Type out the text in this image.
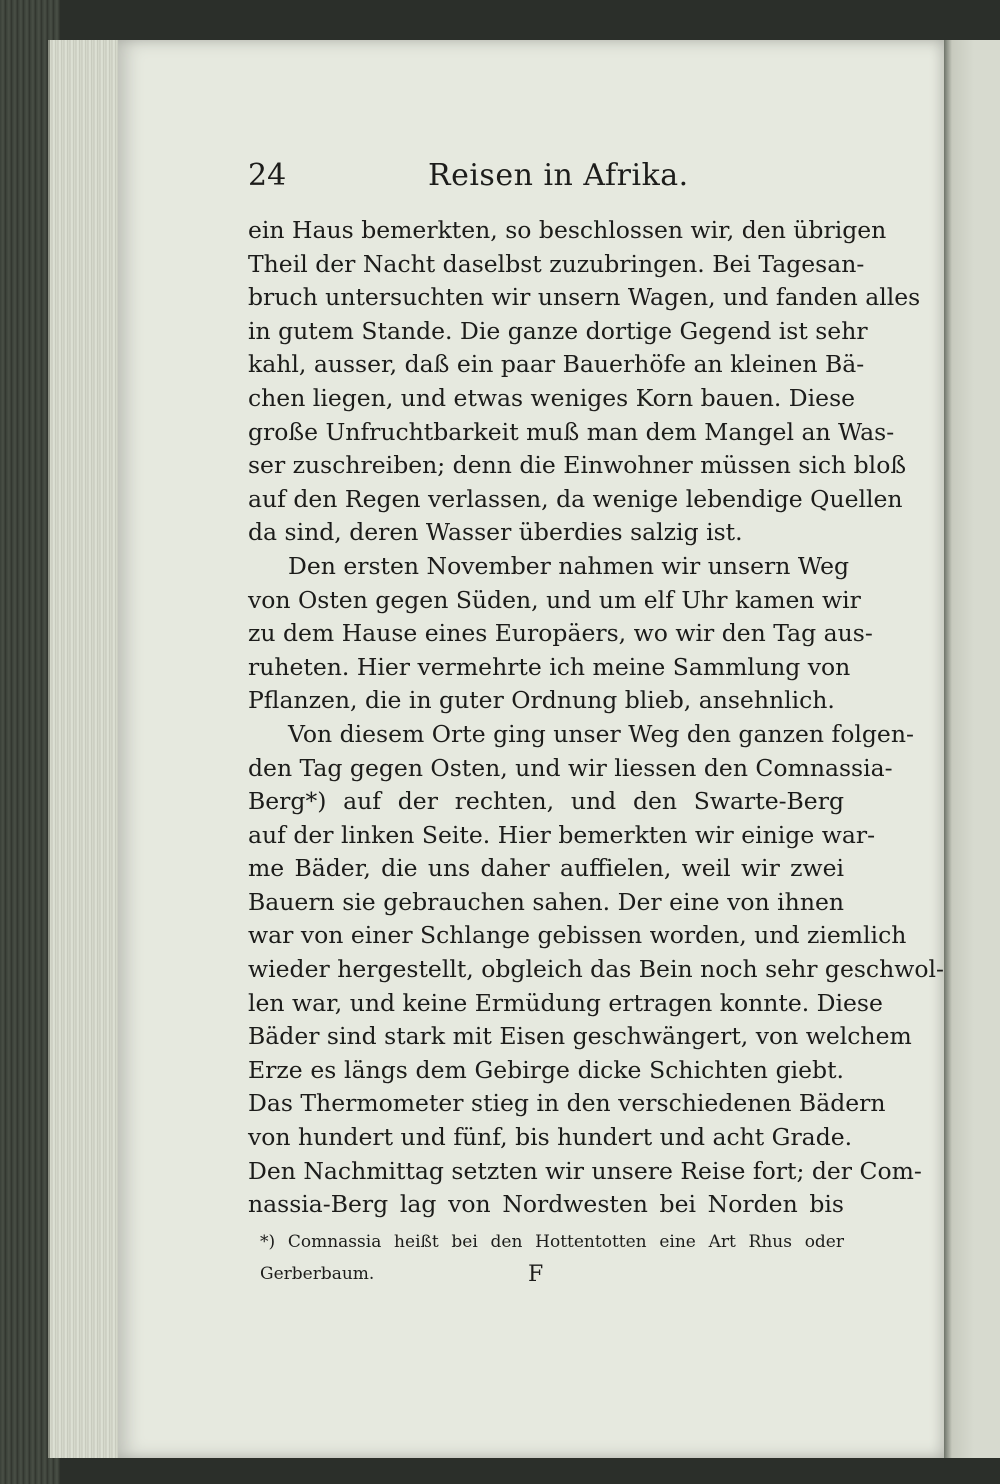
24	Reisen in Afrika.
ein Haus bemerkten, so beschlossen wir, den übrigen
Theil der Nacht daselbst zuzubringen. Bei Tagesan-
bruch untersuchten wir unsern Wagen, und fanden alles
in gutem Stande. Die ganze dortige Gegend ist sehr
kahl, ausser, daß ein paar Bauerhöfe an kleinen Bä-
chen liegen, und etwas weniges Korn bauen. Diese
große Unfruchtbarkeit muß man dem Mangel an Was-
ser zuschreiben; denn die Einwohner müssen sich bloß
auf den Regen verlassen, da wenige lebendige Quellen
da sind, deren Wasser überdies salzig ist.
Den ersten November nahmen wir unsern Weg
von Osten gegen Süden, und um elf Uhr kamen wir
zu dem Hause eines Europäers, wo wir den Tag aus-
ruheten. Hier vermehrte ich meine Sammlung von
Pflanzen, die in guter Ordnung blieb, ansehnlich.
Von diesem Orte ging unser Weg den ganzen folgen-
den Tag gegen Osten, und wir liessen den Comnassia-
Berg*) auf der rechten, und den Swarte-Berg
auf der linken Seite. Hier bemerkten wir einige war-
me Bäder, die uns daher auffielen, weil wir zwei
Bauern sie gebrauchen sahen. Der eine von ihnen
war von einer Schlange gebissen worden, und ziemlich
wieder hergestellt, obgleich das Bein noch sehr geschwol-
len war, und keine Ermüdung ertragen konnte. Diese
Bäder sind stark mit Eisen geschwängert, von welchem
Erze es längs dem Gebirge dicke Schichten giebt.
Das Thermometer stieg in den verschiedenen Bädern
von hundert und fünf, bis hundert und acht Grade.
Den Nachmittag setzten wir unsere Reise fort; der Com-
nassia-Berg lag von Nordwesten bei Norden bis
*) Comnassia heißt bei den Hottentotten eine Art Rhus oder
Gerberbaum.	F
